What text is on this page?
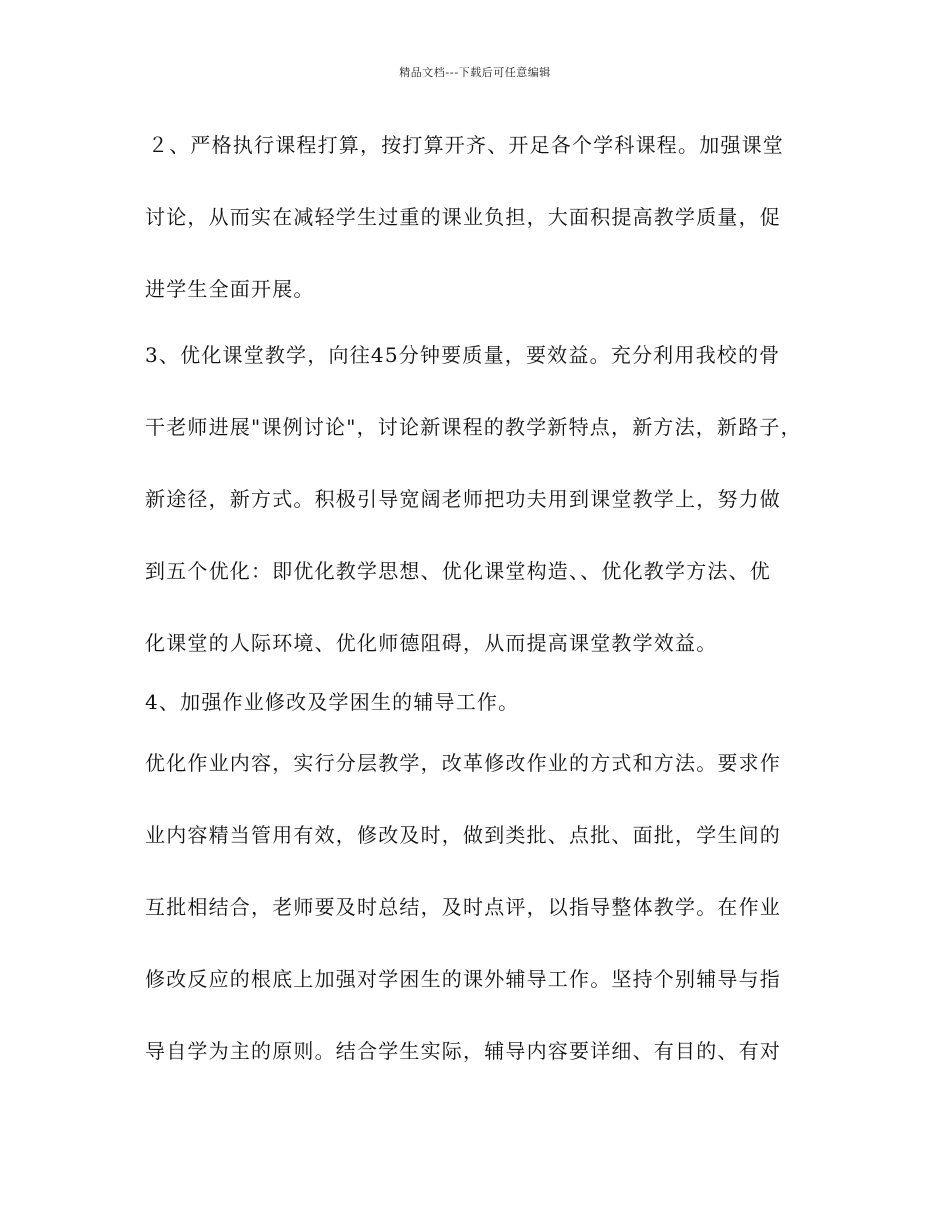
精品文档---下载后可任意编辑
２、严格执行课程打算，按打算开齐、开足各个学科课程。加强课堂
讨论，从而实在减轻学生过重的课业负担，大面积提高教学质量，促
进学生全面开展。
3、优化课堂教学，向往45分钟要质量，要效益。充分利用我校的骨
干老师进展"课例讨论"，讨论新课程的教学新特点，新方法，新路子，
新途径，新方式。积极引导宽阔老师把功夫用到课堂教学上，努力做
到五个优化：即优化教学思想、优化课堂构造、、优化教学方法、优
化课堂的人际环境、优化师德阻碍，从而提高课堂教学效益。
4、加强作业修改及学困生的辅导工作。
优化作业内容，实行分层教学，改革修改作业的方式和方法。要求作
业内容精当管用有效，修改及时，做到类批、点批、面批，学生间的
互批相结合，老师要及时总结，及时点评，以指导整体教学。在作业
修改反应的根底上加强对学困生的课外辅导工作。坚持个别辅导与指
导自学为主的原则。结合学生实际，辅导内容要详细、有目的、有对
